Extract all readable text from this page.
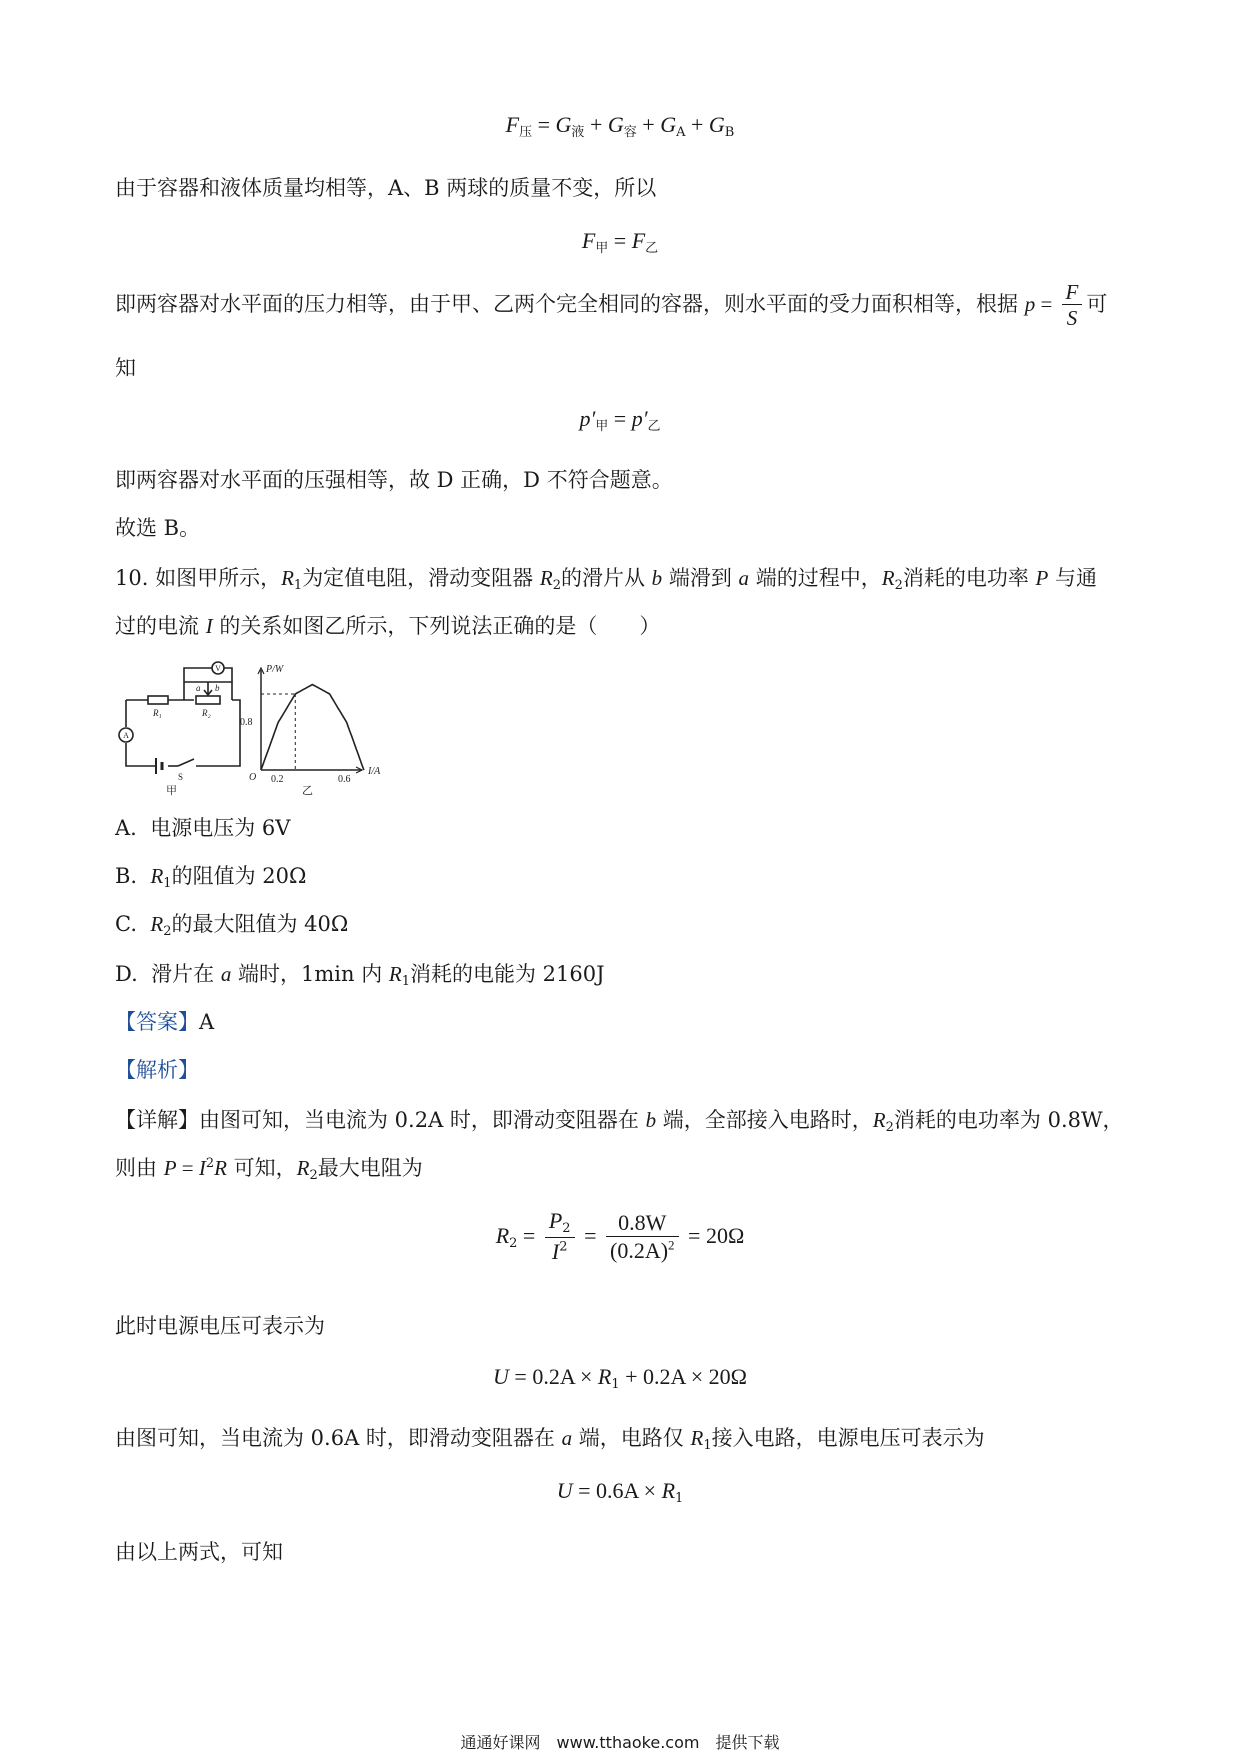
$F_压 = G_液 + G_容 + G_A + G_B$
由于容器和液体质量均相等，A、B 两球的质量不变，所以
$F_甲 = F_乙$
即两容器对水平面的压力相等，由于甲、乙两个完全相同的容器，则水平面的受力面积相等，根据 $p = \frac{F}{S}$ 可
知
$p'_甲 = p'_乙$
即两容器对水平面的压强相等，故 D 正确，D 不符合题意。
故选 B。
10. 如图甲所示，$R_1$为定值电阻，滑动变阻器 $R_2$的滑片从 b 端滑到 a 端的过程中，$R_2$消耗的电功率 P 与通
过的电流 I 的关系如图乙所示，下列说法正确的是（　　）
V
A
R₁	R₂
a b
S
甲
P/W
I/A
O
0.8
0.2	0.6
乙
A. 电源电压为 6V
B. $R_1$的阻值为 20Ω
C. $R_2$的最大阻值为 40Ω
D. 滑片在 a 端时，1min 内 $R_1$消耗的电能为 2160J
【答案】A
【解析】
【详解】由图可知，当电流为 0.2A 时，即滑动变阻器在 b 端，全部接入电路时，$R_2$消耗的电功率为 0.8W，
则由 $P = I^2R$ 可知，$R_2$最大电阻为
$R_2 = \frac{P_2}{I^2} = \frac{0.8W}{(0.2A)^2} = 20\Omega$
此时电源电压可表示为
$U = 0.2A \times R_1 + 0.2A \times 20\Omega$
由图可知，当电流为 0.6A 时，即滑动变阻器在 a 端，电路仅 $R_1$接入电路，电源电压可表示为
$U = 0.6A \times R_1$
由以上两式，可知
通通好课网　www.tthaoke.com　提供下载
